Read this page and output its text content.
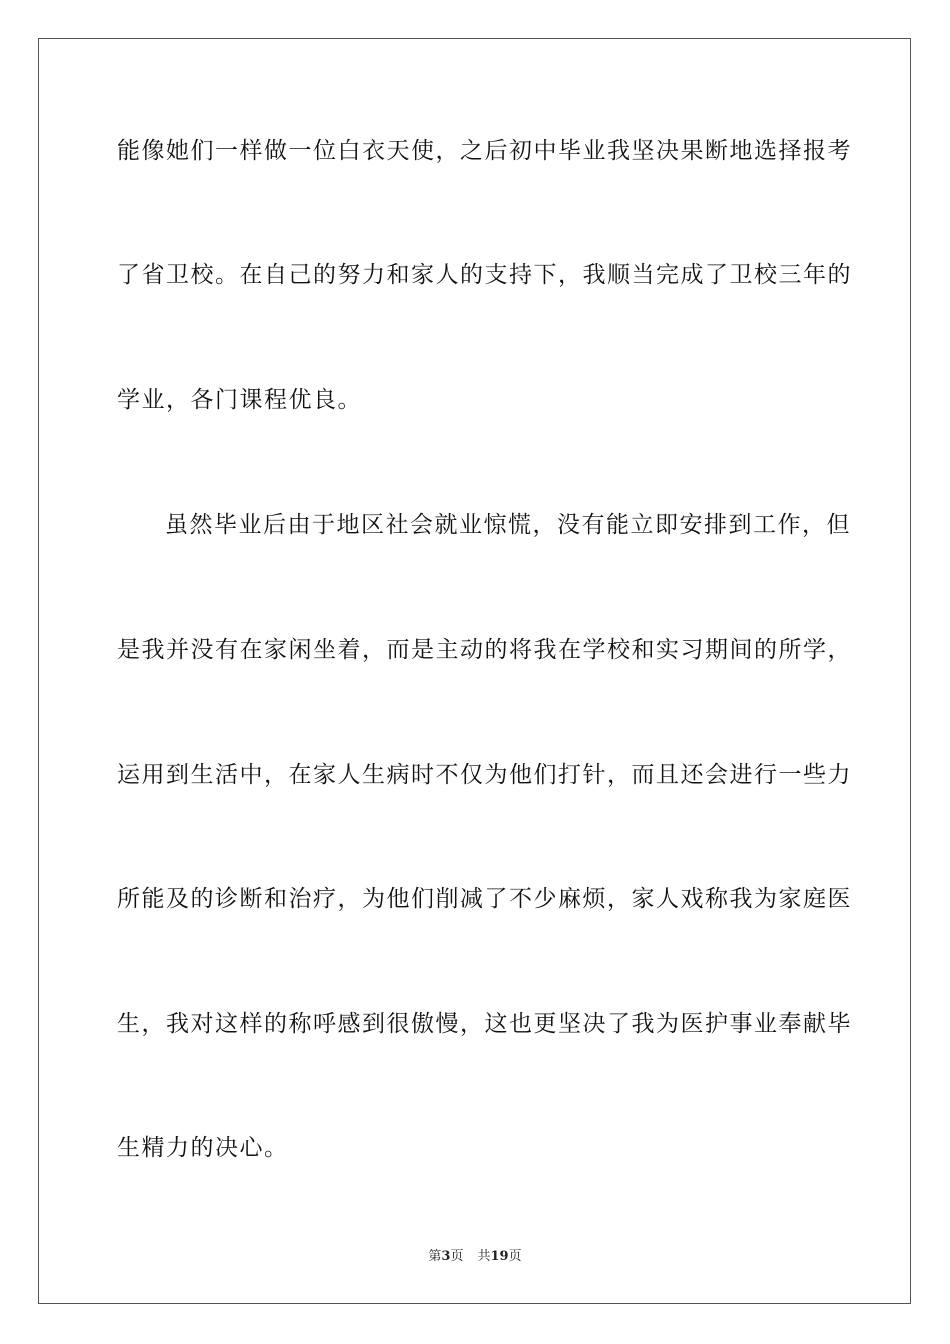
能像她们一样做一位白衣天使，之后初中毕业我坚决果断地选择报考
了省卫校。在自己的努力和家人的支持下，我顺当完成了卫校三年的
学业，各门课程优良。
虽然毕业后由于地区社会就业惊慌，没有能立即安排到工作，但
是我并没有在家闲坐着，而是主动的将我在学校和实习期间的所学，
运用到生活中，在家人生病时不仅为他们打针，而且还会进行一些力
所能及的诊断和治疗，为他们削减了不少麻烦，家人戏称我为家庭医
生，我对这样的称呼感到很傲慢，这也更坚决了我为医护事业奉献毕
生精力的决心。
第3页 共19页
